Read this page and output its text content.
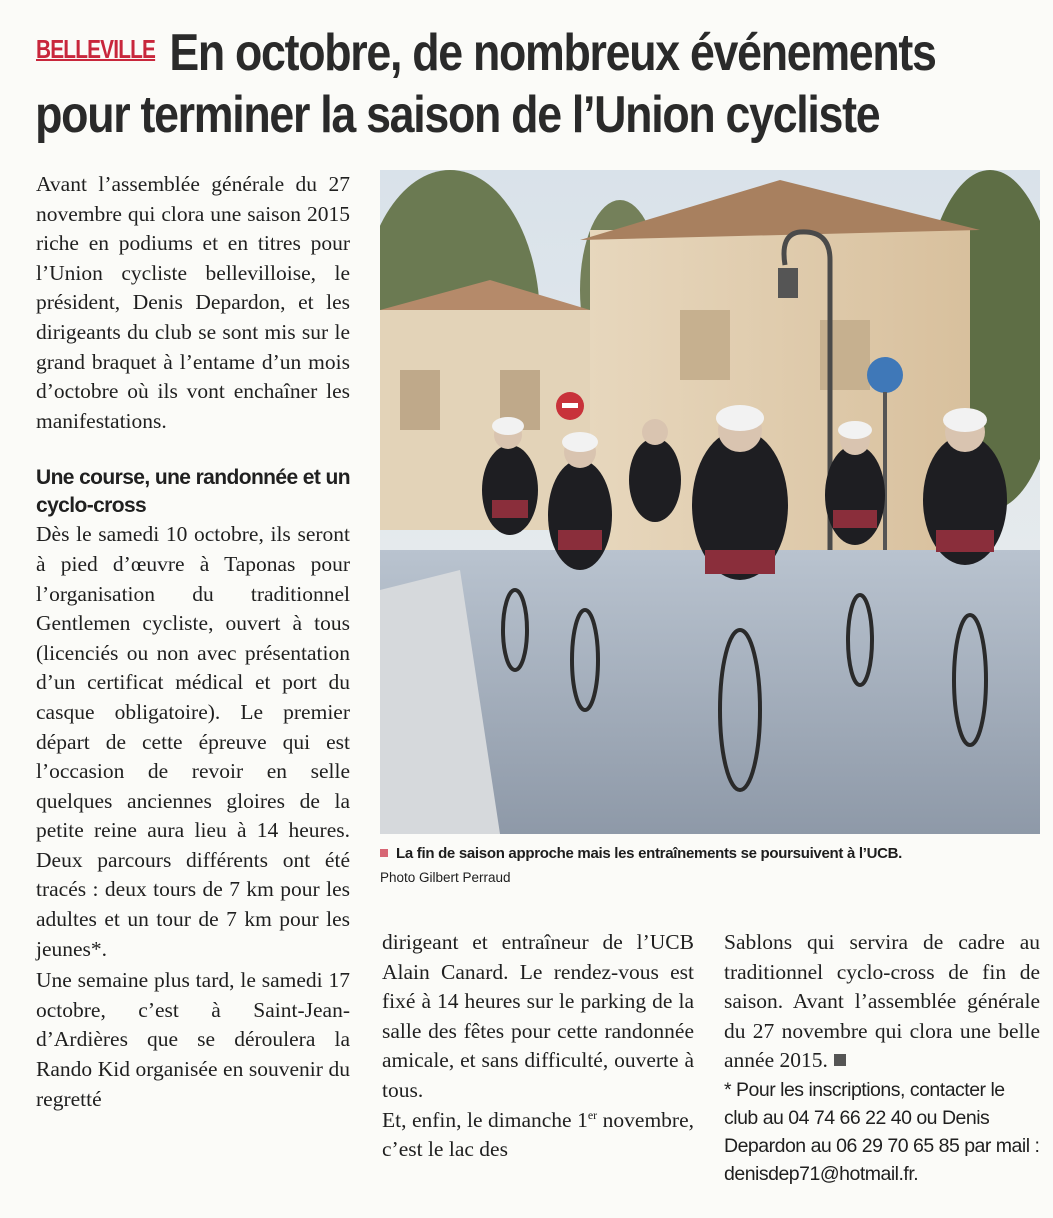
En octobre, de nombreux événements
pour terminer la saison de l’Union cycliste
BELLEVILLE

Avant l’assemblée générale du 27 novembre qui clora une saison 2015 riche en podiums et en titres pour l’Union cycliste bellevilloise, le président, Denis Depardon, et les dirigeants du club se sont mis sur le grand braquet à l’entame d’un mois d’octobre où ils vont enchaîner les manifestations.

Une course, une randonnée et un cyclo-cross

Dès le samedi 10 octobre, ils seront à pied d’œuvre à Taponas pour l’organisation du traditionnel Gentlemen cycliste, ouvert à tous (licenciés ou non avec présentation d’un certificat médical et port du casque obligatoire). Le premier départ de cette épreuve qui est l’occasion de revoir en selle quelques anciennes gloires de la petite reine aura lieu à 14 heures. Deux parcours différents ont été tracés : deux tours de 7 km pour les adultes et un tour de 7 km pour les jeunes*.

Une semaine plus tard, le samedi 17 octobre, c’est à Saint-Jean-d’Ardières que se déroulera la Rando Kid organisée en souvenir du regretté

La fin de saison approche mais les entraînements se poursuivent à l’UCB.
Photo Gilbert Perraud

dirigeant et entraîneur de l’UCB Alain Canard. Le rendez-vous est fixé à 14 heures sur le parking de la salle des fêtes pour cette randonnée amicale, et sans difficulté, ouverte à tous.

Et, enfin, le dimanche 1er novembre, c’est le lac des

Sablons qui servira de cadre au traditionnel cyclo-cross de fin de saison. Avant l’assemblée générale du 27 novembre qui clora une belle année 2015.

* Pour les inscriptions, contacter le club au 04 74 66 22 40 ou Denis Depardon au 06 29 70 65 85 par mail : denisdep71@hotmail.fr.
